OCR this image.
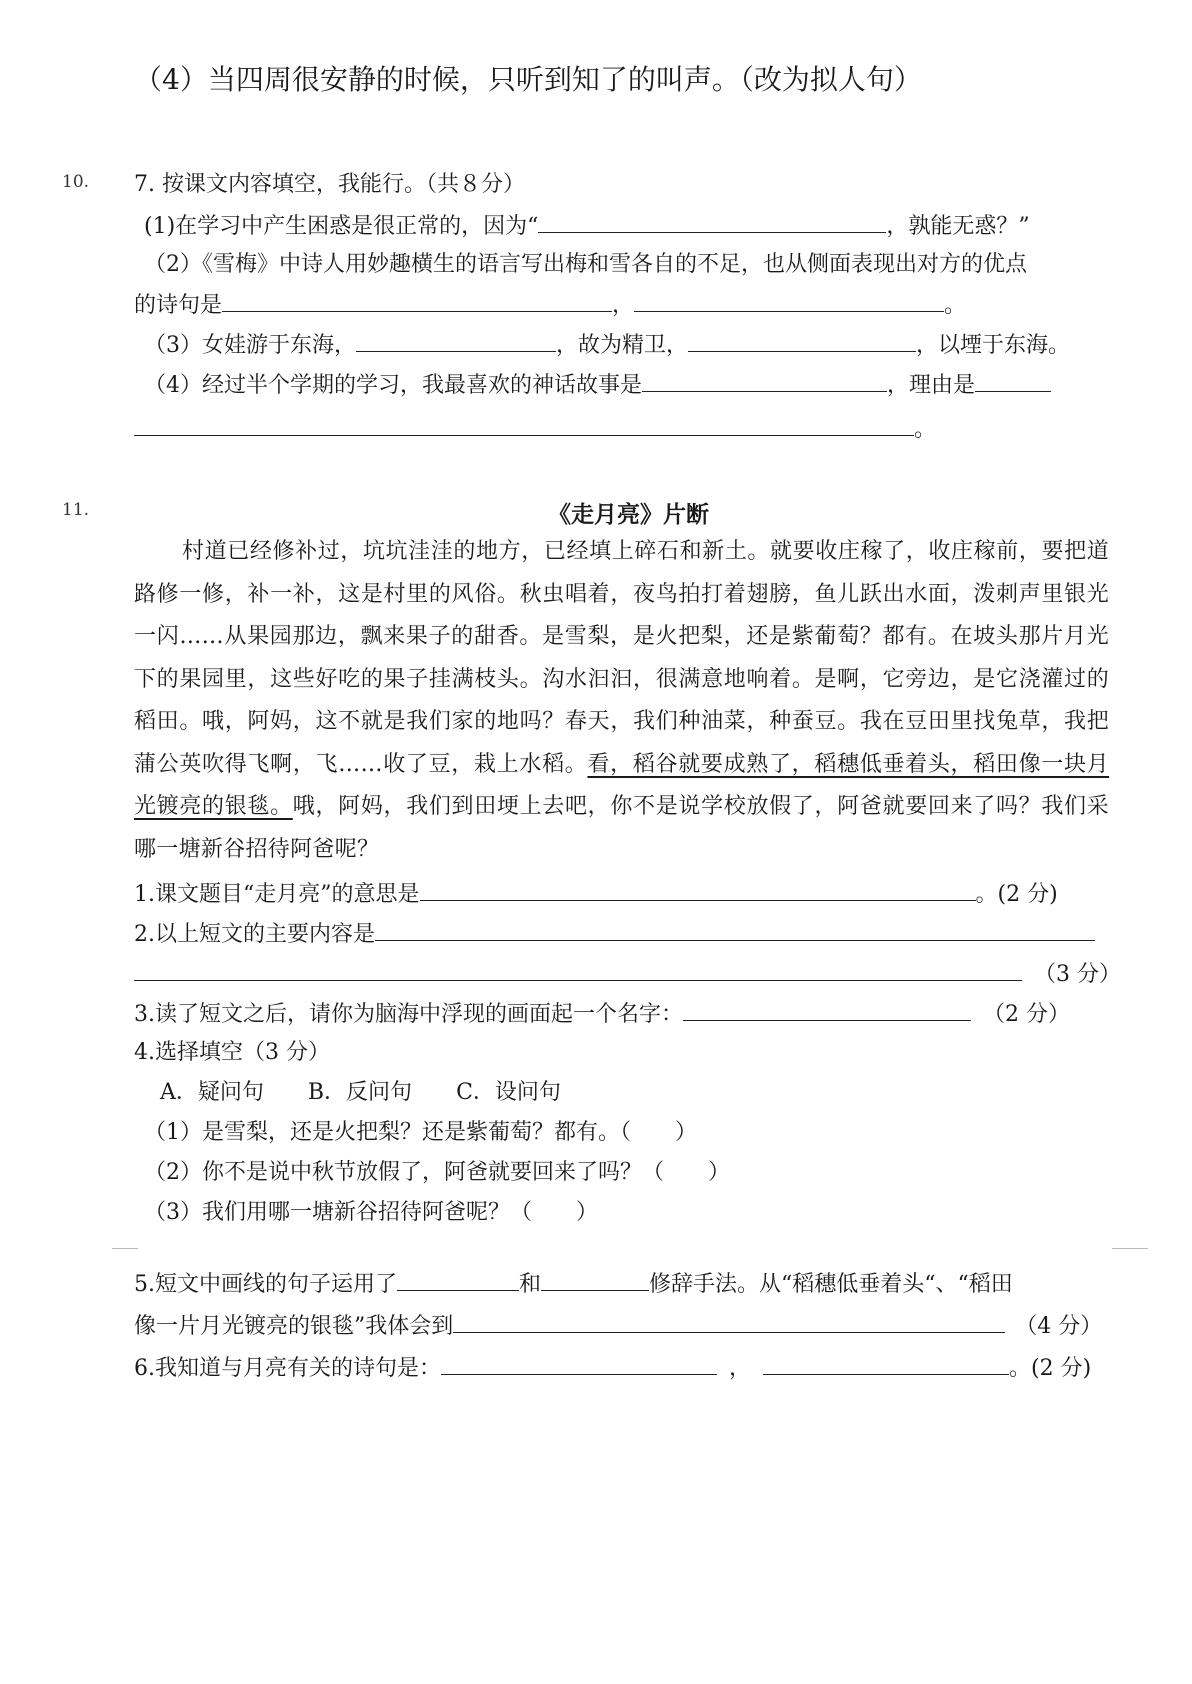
（4）当四周很安静的时候，只听到知了的叫声。（改为拟人句）
10. 7. 按课文内容填空，我能行。（共８分）
(1)在学习中产生困惑是很正常的，因为“	，孰能无惑？”
（2）《雪梅》中诗人用妙趣横生的语言写出梅和雪各自的不足，也从侧面表现出对方的优点
的诗句是	，	。
（3）女娃游于东海，	，故为精卫，	，以堙于东海。
（4）经过半个学期的学习，我最喜欢的神话故事是	，理由是
。
11.	《走月亮》片断
村道已经修补过，坑坑洼洼的地方，已经填上碎石和新土。就要收庄稼了，收庄稼前，要把道路修一修，补一补，这是村里的风俗。秋虫唱着，夜鸟拍打着翅膀，鱼儿跃出水面，泼刺声里银光一闪……从果园那边，飘来果子的甜香。是雪梨，是火把梨，还是紫葡萄？都有。在坡头那片月光下的果园里，这些好吃的果子挂满枝头。沟水汩汩，很满意地响着。是啊，它旁边，是它浇灌过的稻田。哦，阿妈，这不就是我们家的地吗？春天，我们种油菜，种蚕豆。我在豆田里找兔草，我把蒲公英吹得飞啊，飞……收了豆，栽上水稻。看，稻谷就要成熟了，稻穗低垂着头，稻田像一块月光镀亮的银毯。哦，阿妈，我们到田埂上去吧，你不是说学校放假了，阿爸就要回来了吗？我们采哪一塘新谷招待阿爸呢？
1.课文题目“走月亮”的意思是	。(2 分)
2.以上短文的主要内容是
（3 分）
3.读了短文之后，请你为脑海中浮现的画面起一个名字：	（2 分）
4.选择填空（3 分）
A．疑问句 B．反问句 C．设问句
（1）是雪梨，还是火把梨？还是紫葡萄？都有。（　　）
（2）你不是说中秋节放假了，阿爸就要回来了吗？（　　）
（3）我们用哪一塘新谷招待阿爸呢？（　　）
5.短文中画线的句子运用了	和	修辞手法。从“稻穗低垂着头“、“稻田
像一片月光镀亮的银毯”我体会到	（4 分）
6.我知道与月亮有关的诗句是：	，	。(2 分)
